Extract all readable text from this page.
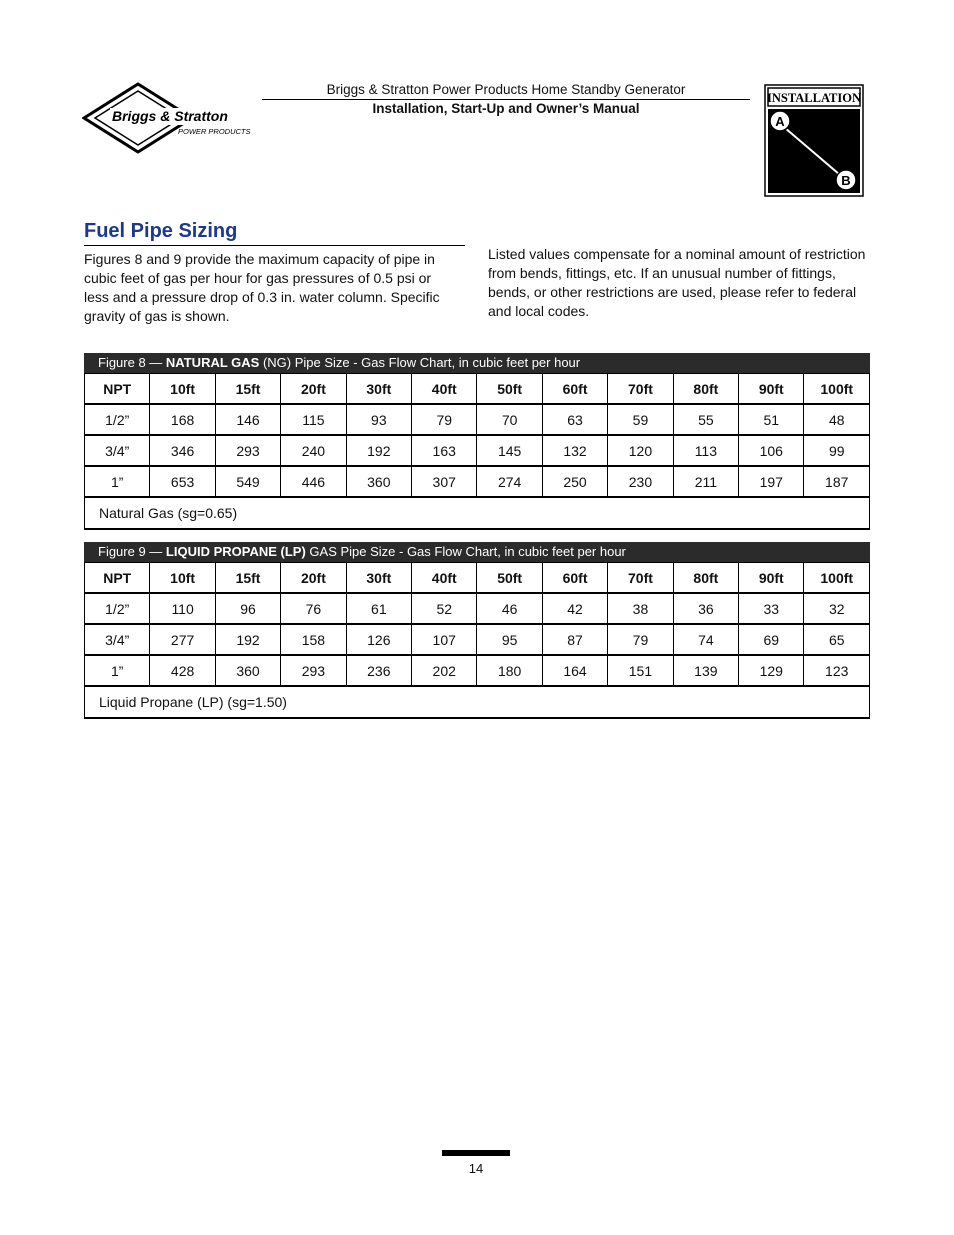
Briggs & Stratton
POWER PRODUCTS
Briggs & Stratton Power Products Home Standby Generator
Installation, Start-Up and Owner’s Manual
INSTALLATION
A
B
Fuel Pipe Sizing
Figures 8 and 9 provide the maximum capacity of pipe in cubic feet of gas per hour for gas pressures of 0.5 psi or less and a pressure drop of 0.3 in. water column. Specific gravity of gas is shown.
Listed values compensate for a nominal amount of restriction from bends, fittings, etc. If an unusual number of fittings, bends, or other restrictions are used, please refer to federal and local codes.
Figure 8 — NATURAL GAS (NG) Pipe Size - Gas Flow Chart, in cubic feet per hour
NPT	10ft	15ft	20ft	30ft	40ft	50ft	60ft	70ft	80ft	90ft	100ft
1/2”	168	146	115	93	79	70	63	59	55	51	48
3/4”	346	293	240	192	163	145	132	120	113	106	99
1”	653	549	446	360	307	274	250	230	211	197	187
Natural Gas (sg=0.65)											
Figure 9 — LIQUID PROPANE (LP) GAS Pipe Size - Gas Flow Chart, in cubic feet per hour
NPT	10ft	15ft	20ft	30ft	40ft	50ft	60ft	70ft	80ft	90ft	100ft
1/2”	110	96	76	61	52	46	42	38	36	33	32
3/4”	277	192	158	126	107	95	87	79	74	69	65
1”	428	360	293	236	202	180	164	151	139	129	123
Liquid Propane (LP) (sg=1.50)											
14
